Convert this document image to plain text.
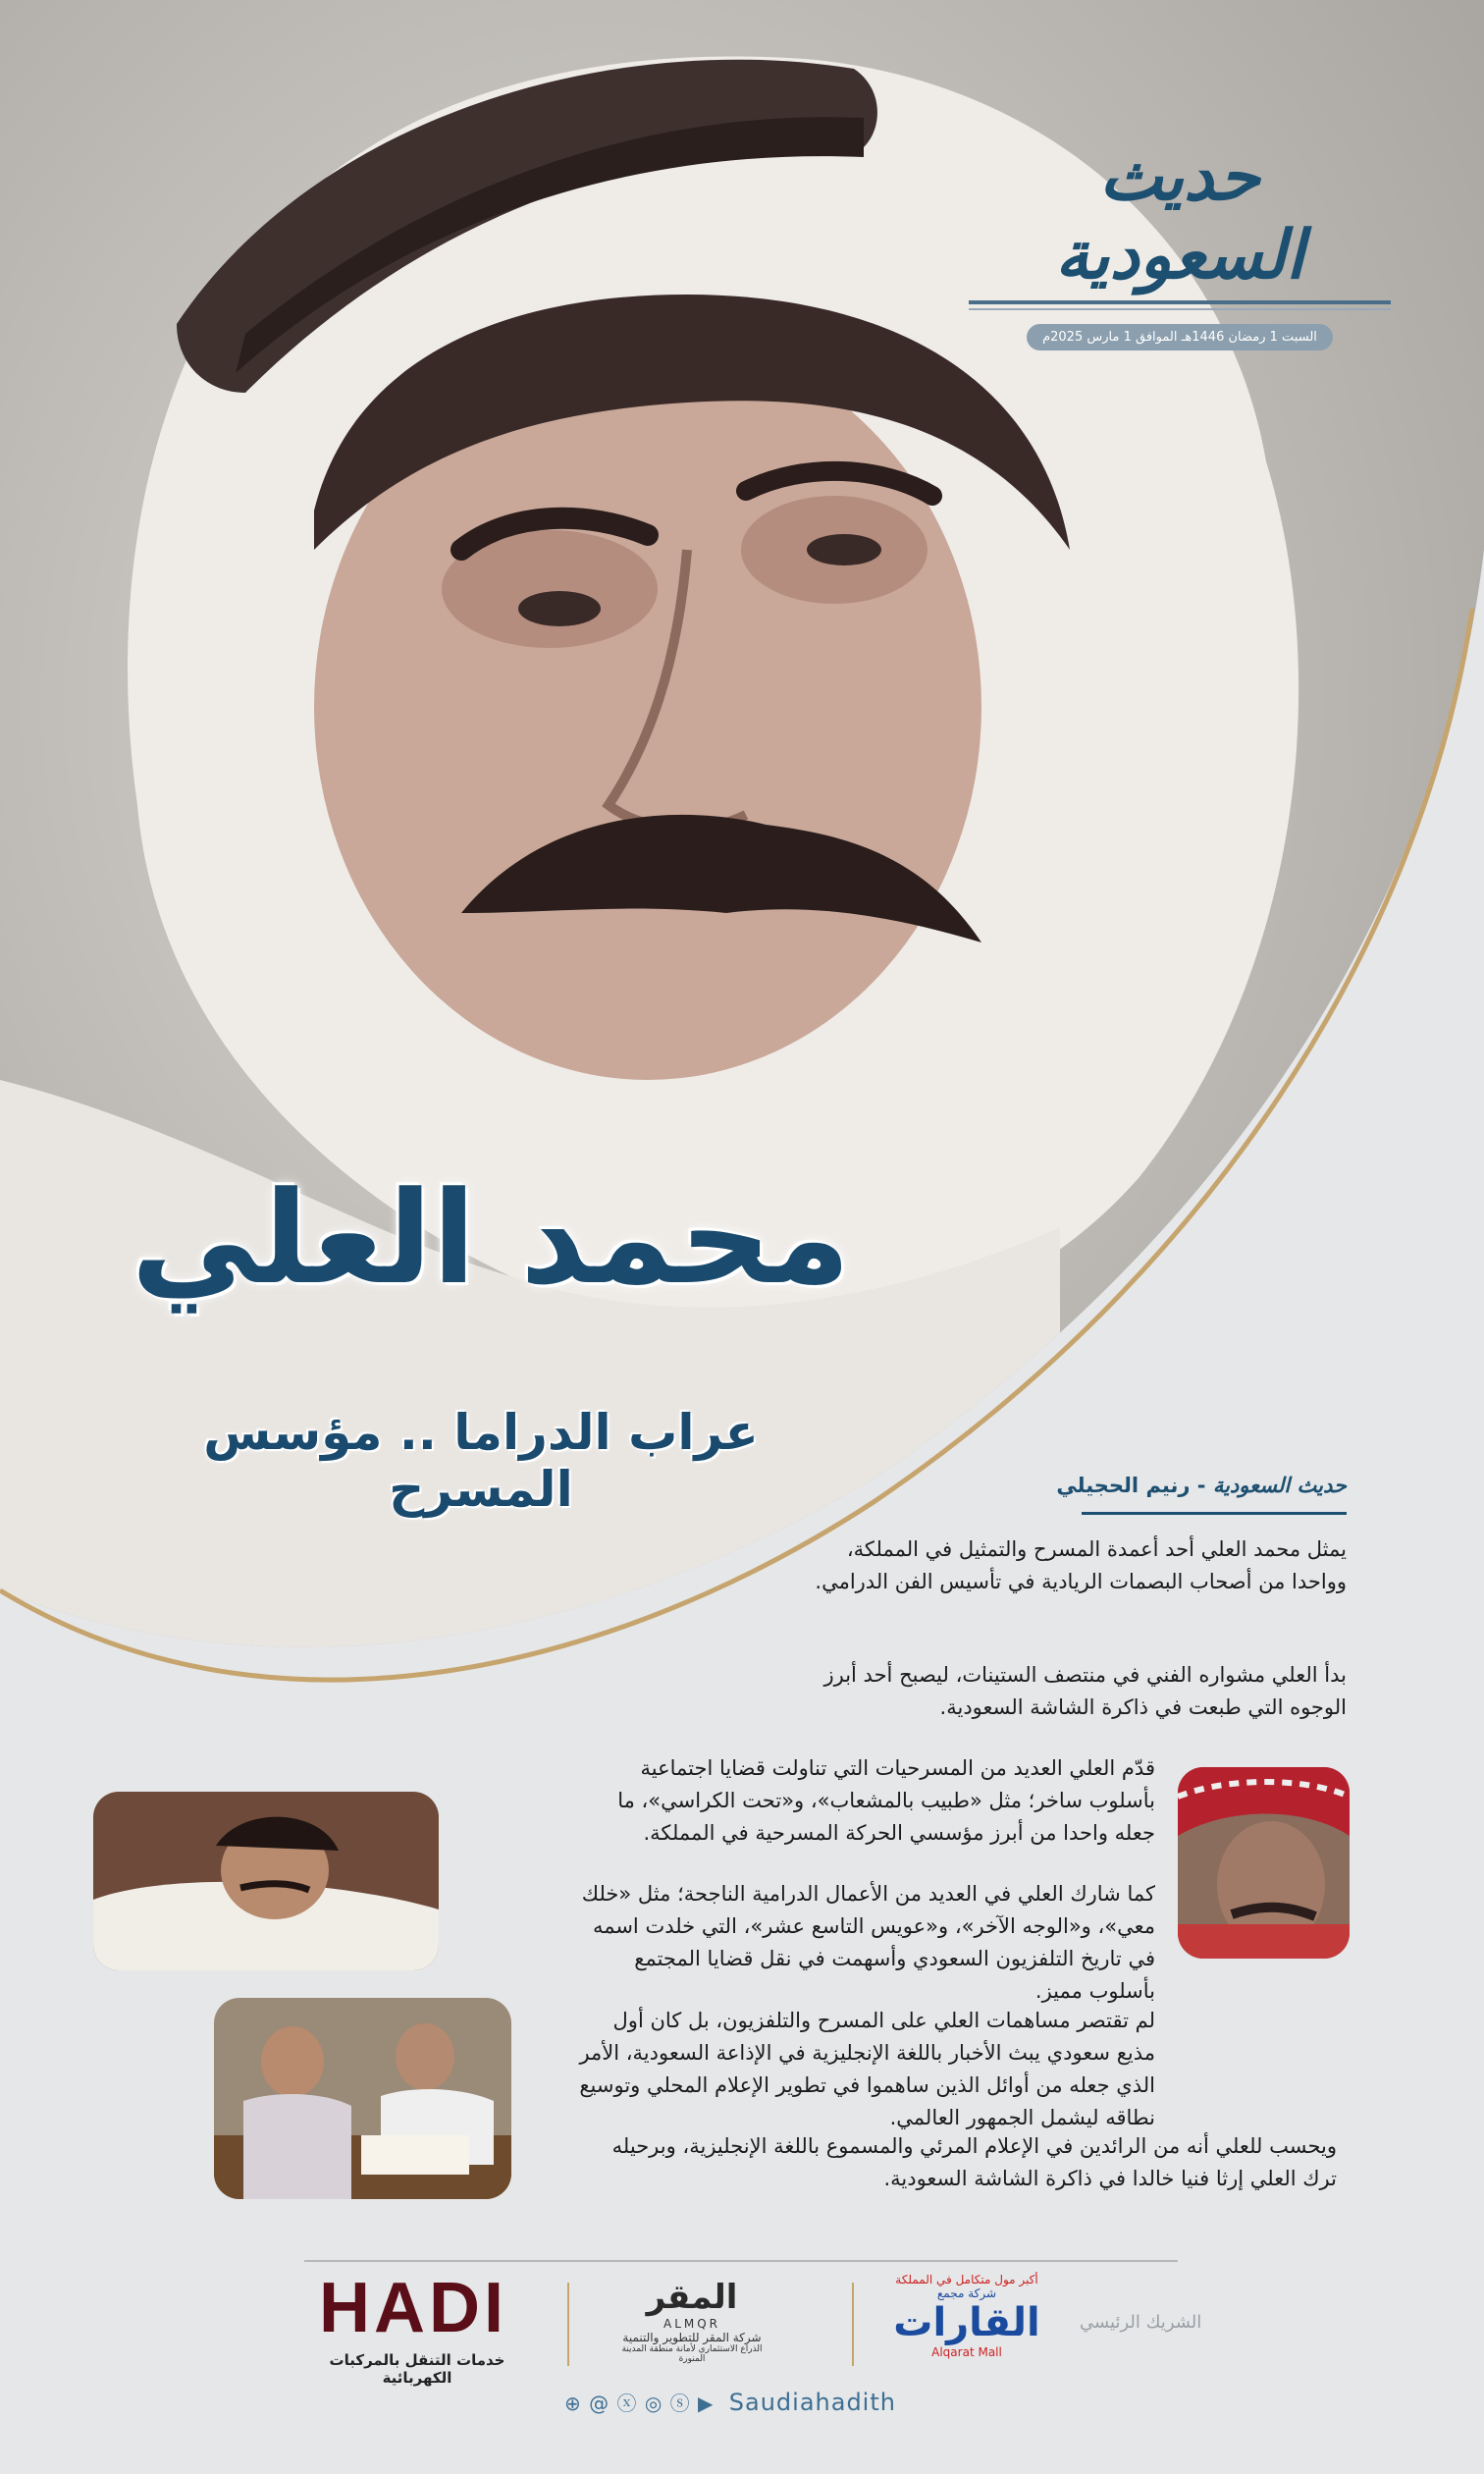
حديث السعودية
السبت 1 رمضان 1446هـ الموافق 1 مارس 2025م
محمد العلي
عراب الدراما .. مؤسس المسرح	حديث السعودية - رنيم الحجيلي
يمثل محمد العلي أحد أعمدة المسرح والتمثيل في المملكة، وواحدا من أصحاب البصمات الريادية في تأسيس الفن الدرامي.
بدأ العلي مشواره الفني في منتصف الستينات، ليصبح أحد أبرز الوجوه التي طبعت في ذاكرة الشاشة السعودية.
قدّم العلي العديد من المسرحيات التي تناولت قضايا اجتماعية بأسلوب ساخر؛ مثل «طبيب بالمشعاب»، و«تحت الكراسي»، ما جعله واحدا من أبرز مؤسسي الحركة المسرحية في المملكة.
كما شارك العلي في العديد من الأعمال الدرامية الناجحة؛ مثل «خلك معي»، و«الوجه الآخر»، و«عويس التاسع عشر»، التي خلدت اسمه في تاريخ التلفزيون السعودي وأسهمت في نقل قضايا المجتمع بأسلوب مميز.
لم تقتصر مساهمات العلي على المسرح والتلفزيون، بل كان أول مذيع سعودي يبث الأخبار باللغة الإنجليزية في الإذاعة السعودية، الأمر الذي جعله من أوائل الذين ساهموا في تطوير الإعلام المحلي وتوسيع نطاقه ليشمل الجمهور العالمي.
ويحسب للعلي أنه من الرائدين في الإعلام المرئي والمسموع باللغة الإنجليزية، وبرحيله ترك العلي إرثا فنيا خالدا في ذاكرة الشاشة السعودية.
HADI
خدمات التنقل بالمركبات الكهربائية
المقر
ALMQR
شركة المقر للتطوير والتنمية
الذراع الاستثماري لأمانة منطقة المدينة المنورة
أكبر مول متكامل في المملكة
شركة مجمع
القارات
Alqarat Mall
الشريك الرئيسي
⊕ @ ⓧ ◎ ⓢ ▶ Saudiahadith
